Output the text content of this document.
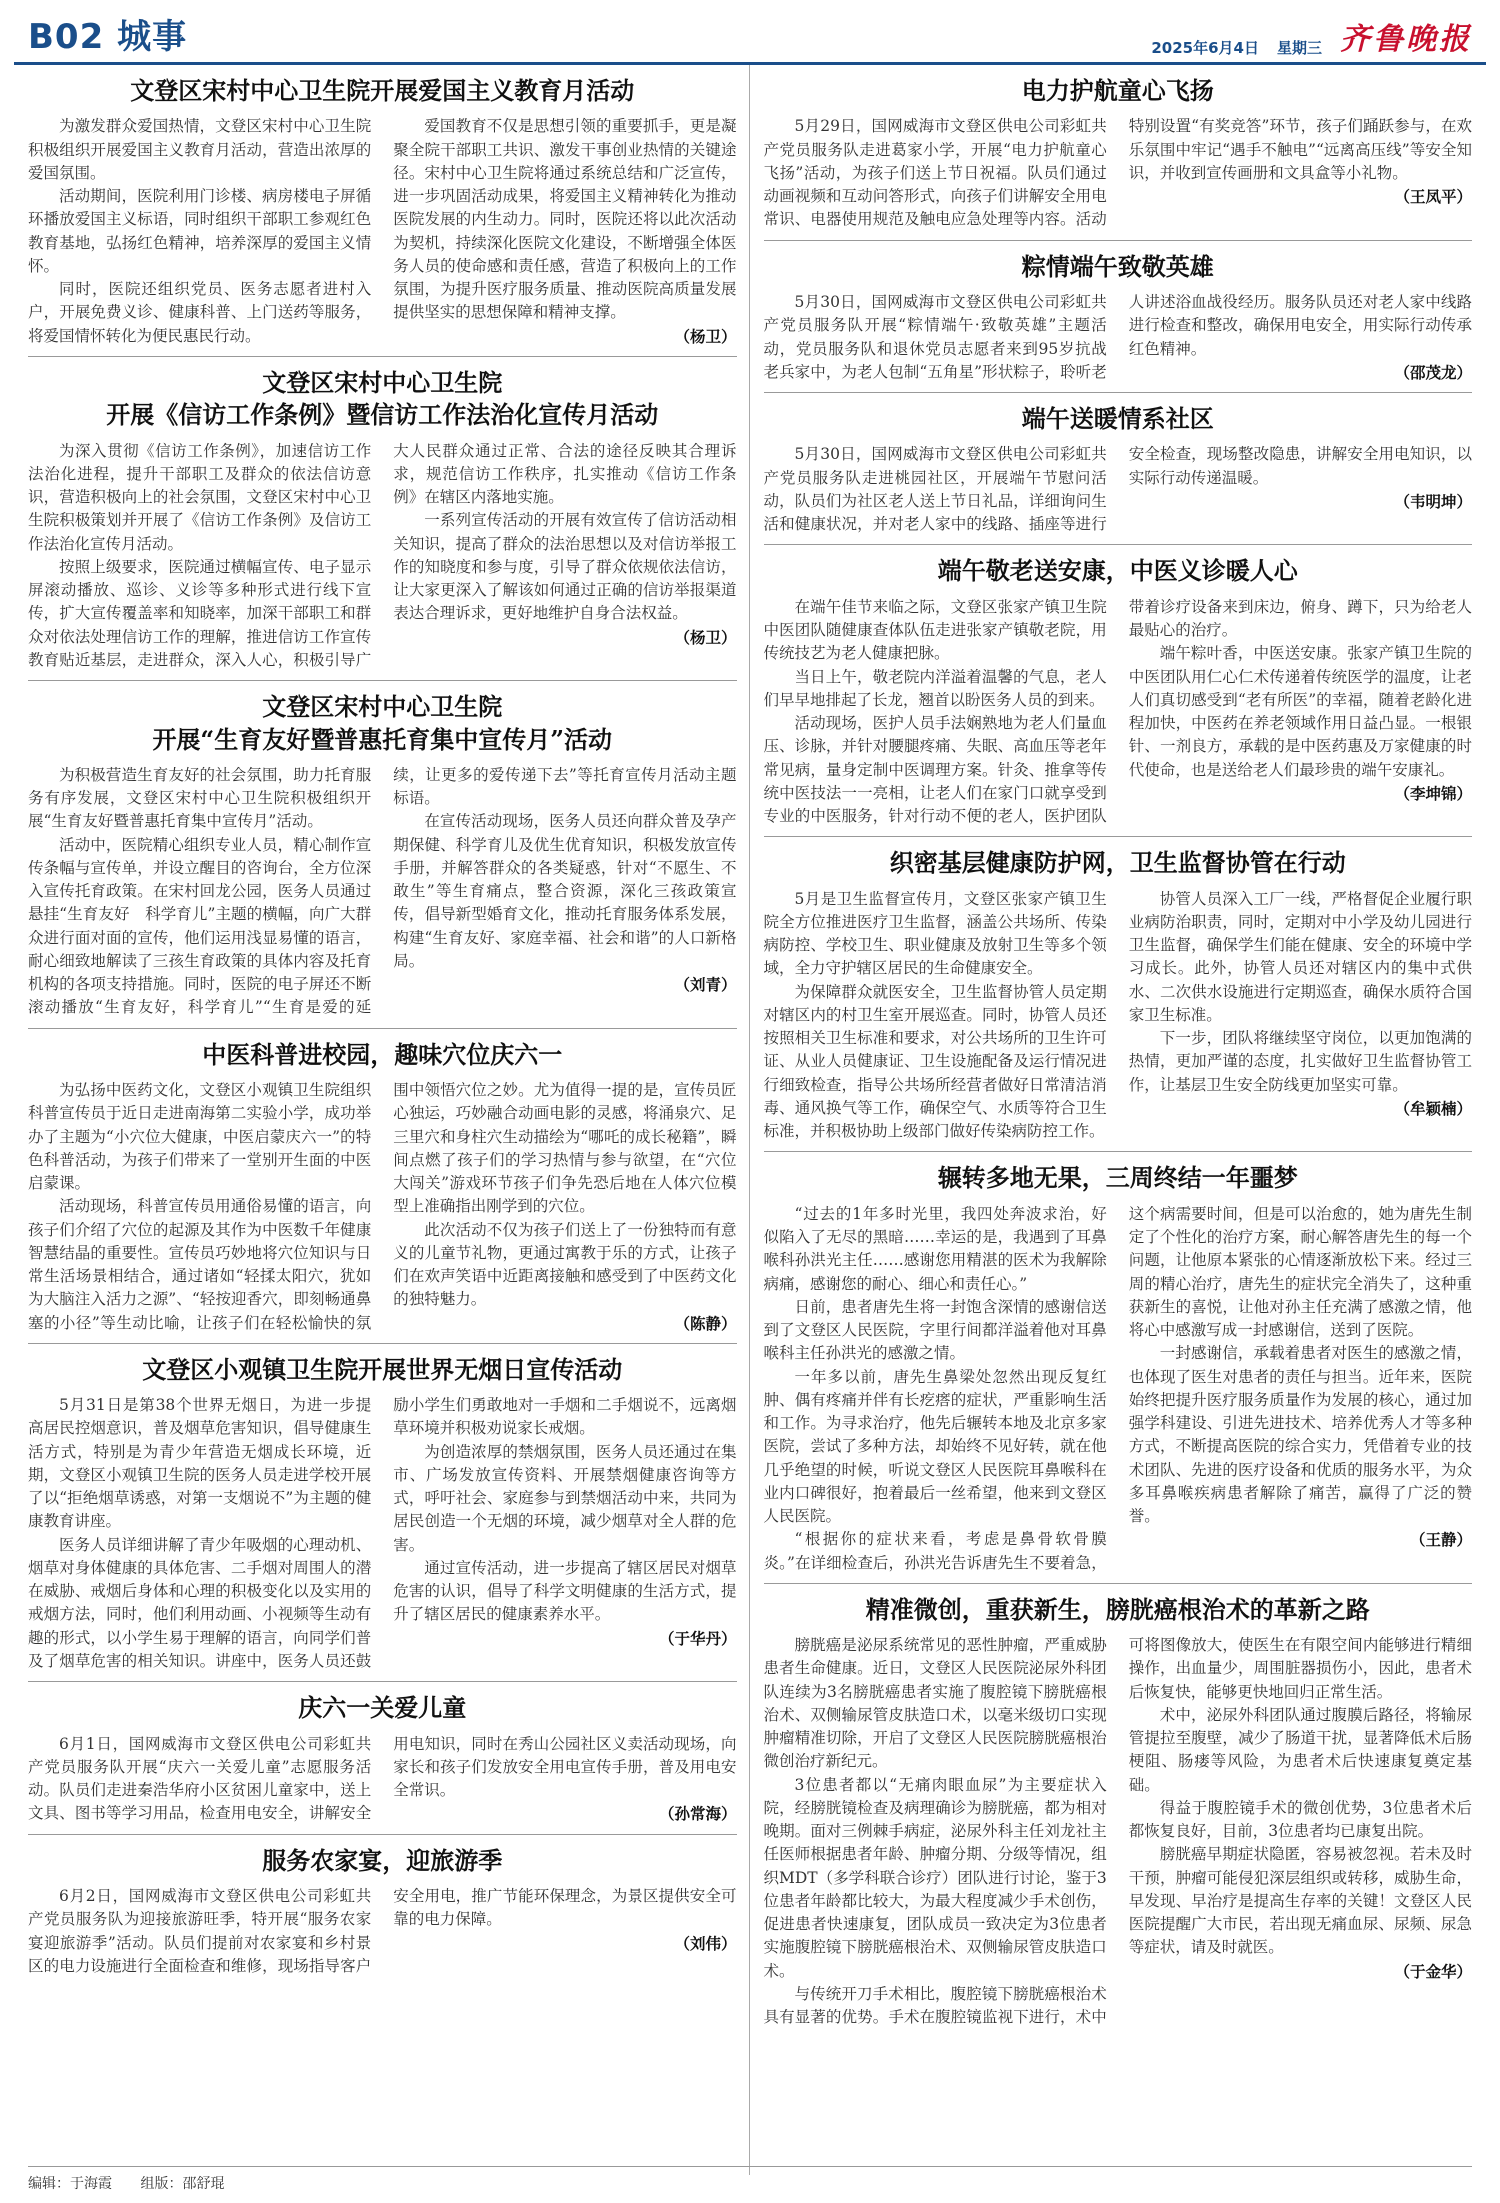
B02 城事	2025年6月4日 星期三 齐鲁晚报
文登区宋村中心卫生院开展爱国主义教育月活动

为激发群众爱国热情，文登区宋村中心卫生院积极组织开展爱国主义教育月活动，营造出浓厚的爱国氛围。

活动期间，医院利用门诊楼、病房楼电子屏循环播放爱国主义标语，同时组织干部职工参观红色教育基地，弘扬红色精神，培养深厚的爱国主义情怀。

同时，医院还组织党员、医务志愿者进村入户，开展免费义诊、健康科普、上门送药等服务，将爱国情怀转化为便民惠民行动。

爱国教育不仅是思想引领的重要抓手，更是凝聚全院干部职工共识、激发干事创业热情的关键途径。宋村中心卫生院将通过系统总结和广泛宣传，进一步巩固活动成果，将爱国主义精神转化为推动医院发展的内生动力。同时，医院还将以此次活动为契机，持续深化医院文化建设，不断增强全体医务人员的使命感和责任感，营造了积极向上的工作氛围，为提升医疗服务质量、推动医院高质量发展提供坚实的思想保障和精神支撑。

（杨卫）
文登区宋村中心卫生院
开展《信访工作条例》暨信访工作法治化宣传月活动

为深入贯彻《信访工作条例》，加速信访工作法治化进程，提升干部职工及群众的依法信访意识，营造积极向上的社会氛围，文登区宋村中心卫生院积极策划并开展了《信访工作条例》及信访工作法治化宣传月活动。

按照上级要求，医院通过横幅宣传、电子显示屏滚动播放、巡诊、义诊等多种形式进行线下宣传，扩大宣传覆盖率和知晓率，加深干部职工和群众对依法处理信访工作的理解，推进信访工作宣传教育贴近基层，走进群众，深入人心，积极引导广大人民群众通过正常、合法的途径反映其合理诉求，规范信访工作秩序，扎实推动《信访工作条例》在辖区内落地实施。

一系列宣传活动的开展有效宣传了信访活动相关知识，提高了群众的法治思想以及对信访举报工作的知晓度和参与度，引导了群众依规依法信访，让大家更深入了解该如何通过正确的信访举报渠道表达合理诉求，更好地维护自身合法权益。

（杨卫）
文登区宋村中心卫生院
开展“生育友好暨普惠托育集中宣传月”活动

为积极营造生育友好的社会氛围，助力托育服务有序发展，文登区宋村中心卫生院积极组织开展“生育友好暨普惠托育集中宣传月”活动。

活动中，医院精心组织专业人员，精心制作宣传条幅与宣传单，并设立醒目的咨询台，全方位深入宣传托育政策。在宋村回龙公园，医务人员通过悬挂“生育友好　科学育儿”主题的横幅，向广大群众进行面对面的宣传，他们运用浅显易懂的语言，耐心细致地解读了三孩生育政策的具体内容及托育机构的各项支持措施。同时，医院的电子屏还不断滚动播放“生育友好，科学育儿”“生育是爱的延续，让更多的爱传递下去”等托育宣传月活动主题标语。

在宣传活动现场，医务人员还向群众普及孕产期保健、科学育儿及优生优育知识，积极发放宣传手册，并解答群众的各类疑惑，针对“不愿生、不敢生”等生育痛点，整合资源，深化三孩政策宣传，倡导新型婚育文化，推动托育服务体系发展，构建“生育友好、家庭幸福、社会和谐”的人口新格局。

（刘青）
中医科普进校园，趣味穴位庆六一

为弘扬中医药文化，文登区小观镇卫生院组织科普宣传员于近日走进南海第二实验小学，成功举办了主题为“小穴位大健康，中医启蒙庆六一”的特色科普活动，为孩子们带来了一堂别开生面的中医启蒙课。

活动现场，科普宣传员用通俗易懂的语言，向孩子们介绍了穴位的起源及其作为中医数千年健康智慧结晶的重要性。宣传员巧妙地将穴位知识与日常生活场景相结合，通过诸如“轻揉太阳穴，犹如为大脑注入活力之源”、“轻按迎香穴，即刻畅通鼻塞的小径”等生动比喻，让孩子们在轻松愉快的氛围中领悟穴位之妙。尤为值得一提的是，宣传员匠心独运，巧妙融合动画电影的灵感，将涌泉穴、足三里穴和身柱穴生动描绘为“哪吒的成长秘籍”，瞬间点燃了孩子们的学习热情与参与欲望，在“穴位大闯关”游戏环节孩子们争先恐后地在人体穴位模型上准确指出刚学到的穴位。

此次活动不仅为孩子们送上了一份独特而有意义的儿童节礼物，更通过寓教于乐的方式，让孩子们在欢声笑语中近距离接触和感受到了中医药文化的独特魅力。

（陈静）
文登区小观镇卫生院开展世界无烟日宣传活动

5月31日是第38个世界无烟日，为进一步提高居民控烟意识，普及烟草危害知识，倡导健康生活方式，特别是为青少年营造无烟成长环境，近期，文登区小观镇卫生院的医务人员走进学校开展了以“拒绝烟草诱惑，对第一支烟说不”为主题的健康教育讲座。

医务人员详细讲解了青少年吸烟的心理动机、烟草对身体健康的具体危害、二手烟对周围人的潜在威胁、戒烟后身体和心理的积极变化以及实用的戒烟方法，同时，他们利用动画、小视频等生动有趣的形式，以小学生易于理解的语言，向同学们普及了烟草危害的相关知识。讲座中，医务人员还鼓励小学生们勇敢地对一手烟和二手烟说不，远离烟草环境并积极劝说家长戒烟。

为创造浓厚的禁烟氛围，医务人员还通过在集市、广场发放宣传资料、开展禁烟健康咨询等方式，呼吁社会、家庭参与到禁烟活动中来，共同为居民创造一个无烟的环境，减少烟草对全人群的危害。

通过宣传活动，进一步提高了辖区居民对烟草危害的认识，倡导了科学文明健康的生活方式，提升了辖区居民的健康素养水平。

（于华丹）
庆六一关爱儿童

6月1日，国网威海市文登区供电公司彩虹共产党员服务队开展“庆六一关爱儿童”志愿服务活动。队员们走进秦浩华府小区贫困儿童家中，送上文具、图书等学习用品，检查用电安全，讲解安全用电知识，同时在秀山公园社区义卖活动现场，向家长和孩子们发放安全用电宣传手册，普及用电安全常识。

（孙常海）
服务农家宴，迎旅游季

6月2日，国网威海市文登区供电公司彩虹共产党员服务队为迎接旅游旺季，特开展“服务农家宴迎旅游季”活动。队员们提前对农家宴和乡村景区的电力设施进行全面检查和维修，现场指导客户安全用电，推广节能环保理念，为景区提供安全可靠的电力保障。

（刘伟）
电力护航童心飞扬

5月29日，国网威海市文登区供电公司彩虹共产党员服务队走进葛家小学，开展“电力护航童心飞扬”活动，为孩子们送上节日祝福。队员们通过动画视频和互动问答形式，向孩子们讲解安全用电常识、电器使用规范及触电应急处理等内容。活动特别设置“有奖竞答”环节，孩子们踊跃参与，在欢乐氛围中牢记“遇手不触电”“远离高压线”等安全知识，并收到宣传画册和文具盒等小礼物。

（王凤平）
粽情端午致敬英雄

5月30日，国网威海市文登区供电公司彩虹共产党员服务队开展“粽情端午·致敬英雄”主题活动，党员服务队和退休党员志愿者来到95岁抗战老兵家中，为老人包制“五角星”形状粽子，聆听老人讲述浴血战役经历。服务队员还对老人家中线路进行检查和整改，确保用电安全，用实际行动传承红色精神。

（邵茂龙）
端午送暖情系社区

5月30日，国网威海市文登区供电公司彩虹共产党员服务队走进桃园社区，开展端午节慰问活动，队员们为社区老人送上节日礼品，详细询问生活和健康状况，并对老人家中的线路、插座等进行安全检查，现场整改隐患，讲解安全用电知识，以实际行动传递温暖。

（韦明坤）
端午敬老送安康，中医义诊暖人心

在端午佳节来临之际，文登区张家产镇卫生院中医团队随健康查体队伍走进张家产镇敬老院，用传统技艺为老人健康把脉。

当日上午，敬老院内洋溢着温馨的气息，老人们早早地排起了长龙，翘首以盼医务人员的到来。

活动现场，医护人员手法娴熟地为老人们量血压、诊脉，并针对腰腿疼痛、失眠、高血压等老年常见病，量身定制中医调理方案。针灸、推拿等传统中医技法一一亮相，让老人们在家门口就享受到专业的中医服务，针对行动不便的老人，医护团队带着诊疗设备来到床边，俯身、蹲下，只为给老人最贴心的治疗。

端午粽叶香，中医送安康。张家产镇卫生院的中医团队用仁心仁术传递着传统医学的温度，让老人们真切感受到“老有所医”的幸福，随着老龄化进程加快，中医药在养老领域作用日益凸显。一根银针、一剂良方，承载的是中医药惠及万家健康的时代使命，也是送给老人们最珍贵的端午安康礼。

（李坤锦）
织密基层健康防护网，卫生监督协管在行动

5月是卫生监督宣传月，文登区张家产镇卫生院全方位推进医疗卫生监督，涵盖公共场所、传染病防控、学校卫生、职业健康及放射卫生等多个领域，全力守护辖区居民的生命健康安全。

为保障群众就医安全，卫生监督协管人员定期对辖区内的村卫生室开展巡查。同时，协管人员还按照相关卫生标准和要求，对公共场所的卫生许可证、从业人员健康证、卫生设施配备及运行情况进行细致检查，指导公共场所经营者做好日常清洁消毒、通风换气等工作，确保空气、水质等符合卫生标准，并积极协助上级部门做好传染病防控工作。

协管人员深入工厂一线，严格督促企业履行职业病防治职责，同时，定期对中小学及幼儿园进行卫生监督，确保学生们能在健康、安全的环境中学习成长。此外，协管人员还对辖区内的集中式供水、二次供水设施进行定期巡查，确保水质符合国家卫生标准。

下一步，团队将继续坚守岗位，以更加饱满的热情，更加严谨的态度，扎实做好卫生监督协管工作，让基层卫生安全防线更加坚实可靠。

（牟颖楠）
辗转多地无果，三周终结一年噩梦

“过去的1年多时光里，我四处奔波求治，好似陷入了无尽的黑暗……幸运的是，我遇到了耳鼻喉科孙洪光主任……感谢您用精湛的医术为我解除病痛，感谢您的耐心、细心和责任心。”

日前，患者唐先生将一封饱含深情的感谢信送到了文登区人民医院，字里行间都洋溢着他对耳鼻喉科主任孙洪光的感激之情。

一年多以前，唐先生鼻梁处忽然出现反复红肿、偶有疼痛并伴有长疙瘩的症状，严重影响生活和工作。为寻求治疗，他先后辗转本地及北京多家医院，尝试了多种方法，却始终不见好转，就在他几乎绝望的时候，听说文登区人民医院耳鼻喉科在业内口碑很好，抱着最后一丝希望，他来到文登区人民医院。

“根据你的症状来看，考虑是鼻骨软骨膜炎。”在详细检查后，孙洪光告诉唐先生不要着急，这个病需要时间，但是可以治愈的，她为唐先生制定了个性化的治疗方案，耐心解答唐先生的每一个问题，让他原本紧张的心情逐渐放松下来。经过三周的精心治疗，唐先生的症状完全消失了，这种重获新生的喜悦，让他对孙主任充满了感激之情，他将心中感激写成一封感谢信，送到了医院。

一封感谢信，承载着患者对医生的感激之情，也体现了医生对患者的责任与担当。近年来，医院始终把提升医疗服务质量作为发展的核心，通过加强学科建设、引进先进技术、培养优秀人才等多种方式，不断提高医院的综合实力，凭借着专业的技术团队、先进的医疗设备和优质的服务水平，为众多耳鼻喉疾病患者解除了痛苦，赢得了广泛的赞誉。

（王静）
精准微创，重获新生，膀胱癌根治术的革新之路

膀胱癌是泌尿系统常见的恶性肿瘤，严重威胁患者生命健康。近日，文登区人民医院泌尿外科团队连续为3名膀胱癌患者实施了腹腔镜下膀胱癌根治术、双侧输尿管皮肤造口术，以毫米级切口实现肿瘤精准切除，开启了文登区人民医院膀胱癌根治微创治疗新纪元。

3位患者都以“无痛肉眼血尿”为主要症状入院，经膀胱镜检查及病理确诊为膀胱癌，都为相对晚期。面对三例棘手病症，泌尿外科主任刘龙社主任医师根据患者年龄、肿瘤分期、分级等情况，组织MDT（多学科联合诊疗）团队进行讨论，鉴于3位患者年龄都比较大，为最大程度减少手术创伤，促进患者快速康复，团队成员一致决定为3位患者实施腹腔镜下膀胱癌根治术、双侧输尿管皮肤造口术。

与传统开刀手术相比，腹腔镜下膀胱癌根治术具有显著的优势。手术在腹腔镜监视下进行，术中可将图像放大，使医生在有限空间内能够进行精细操作，出血量少，周围脏器损伤小，因此，患者术后恢复快，能够更快地回归正常生活。

术中，泌尿外科团队通过腹膜后路径，将输尿管提拉至腹壁，减少了肠道干扰，显著降低术后肠梗阻、肠瘘等风险，为患者术后快速康复奠定基础。

得益于腹腔镜手术的微创优势，3位患者术后都恢复良好，目前，3位患者均已康复出院。

膀胱癌早期症状隐匿，容易被忽视。若未及时干预，肿瘤可能侵犯深层组织或转移，威胁生命，早发现、早治疗是提高生存率的关键！文登区人民医院提醒广大市民，若出现无痛血尿、尿频、尿急等症状，请及时就医。

（于金华）
编辑：于海霞 组版：邵舒琨
